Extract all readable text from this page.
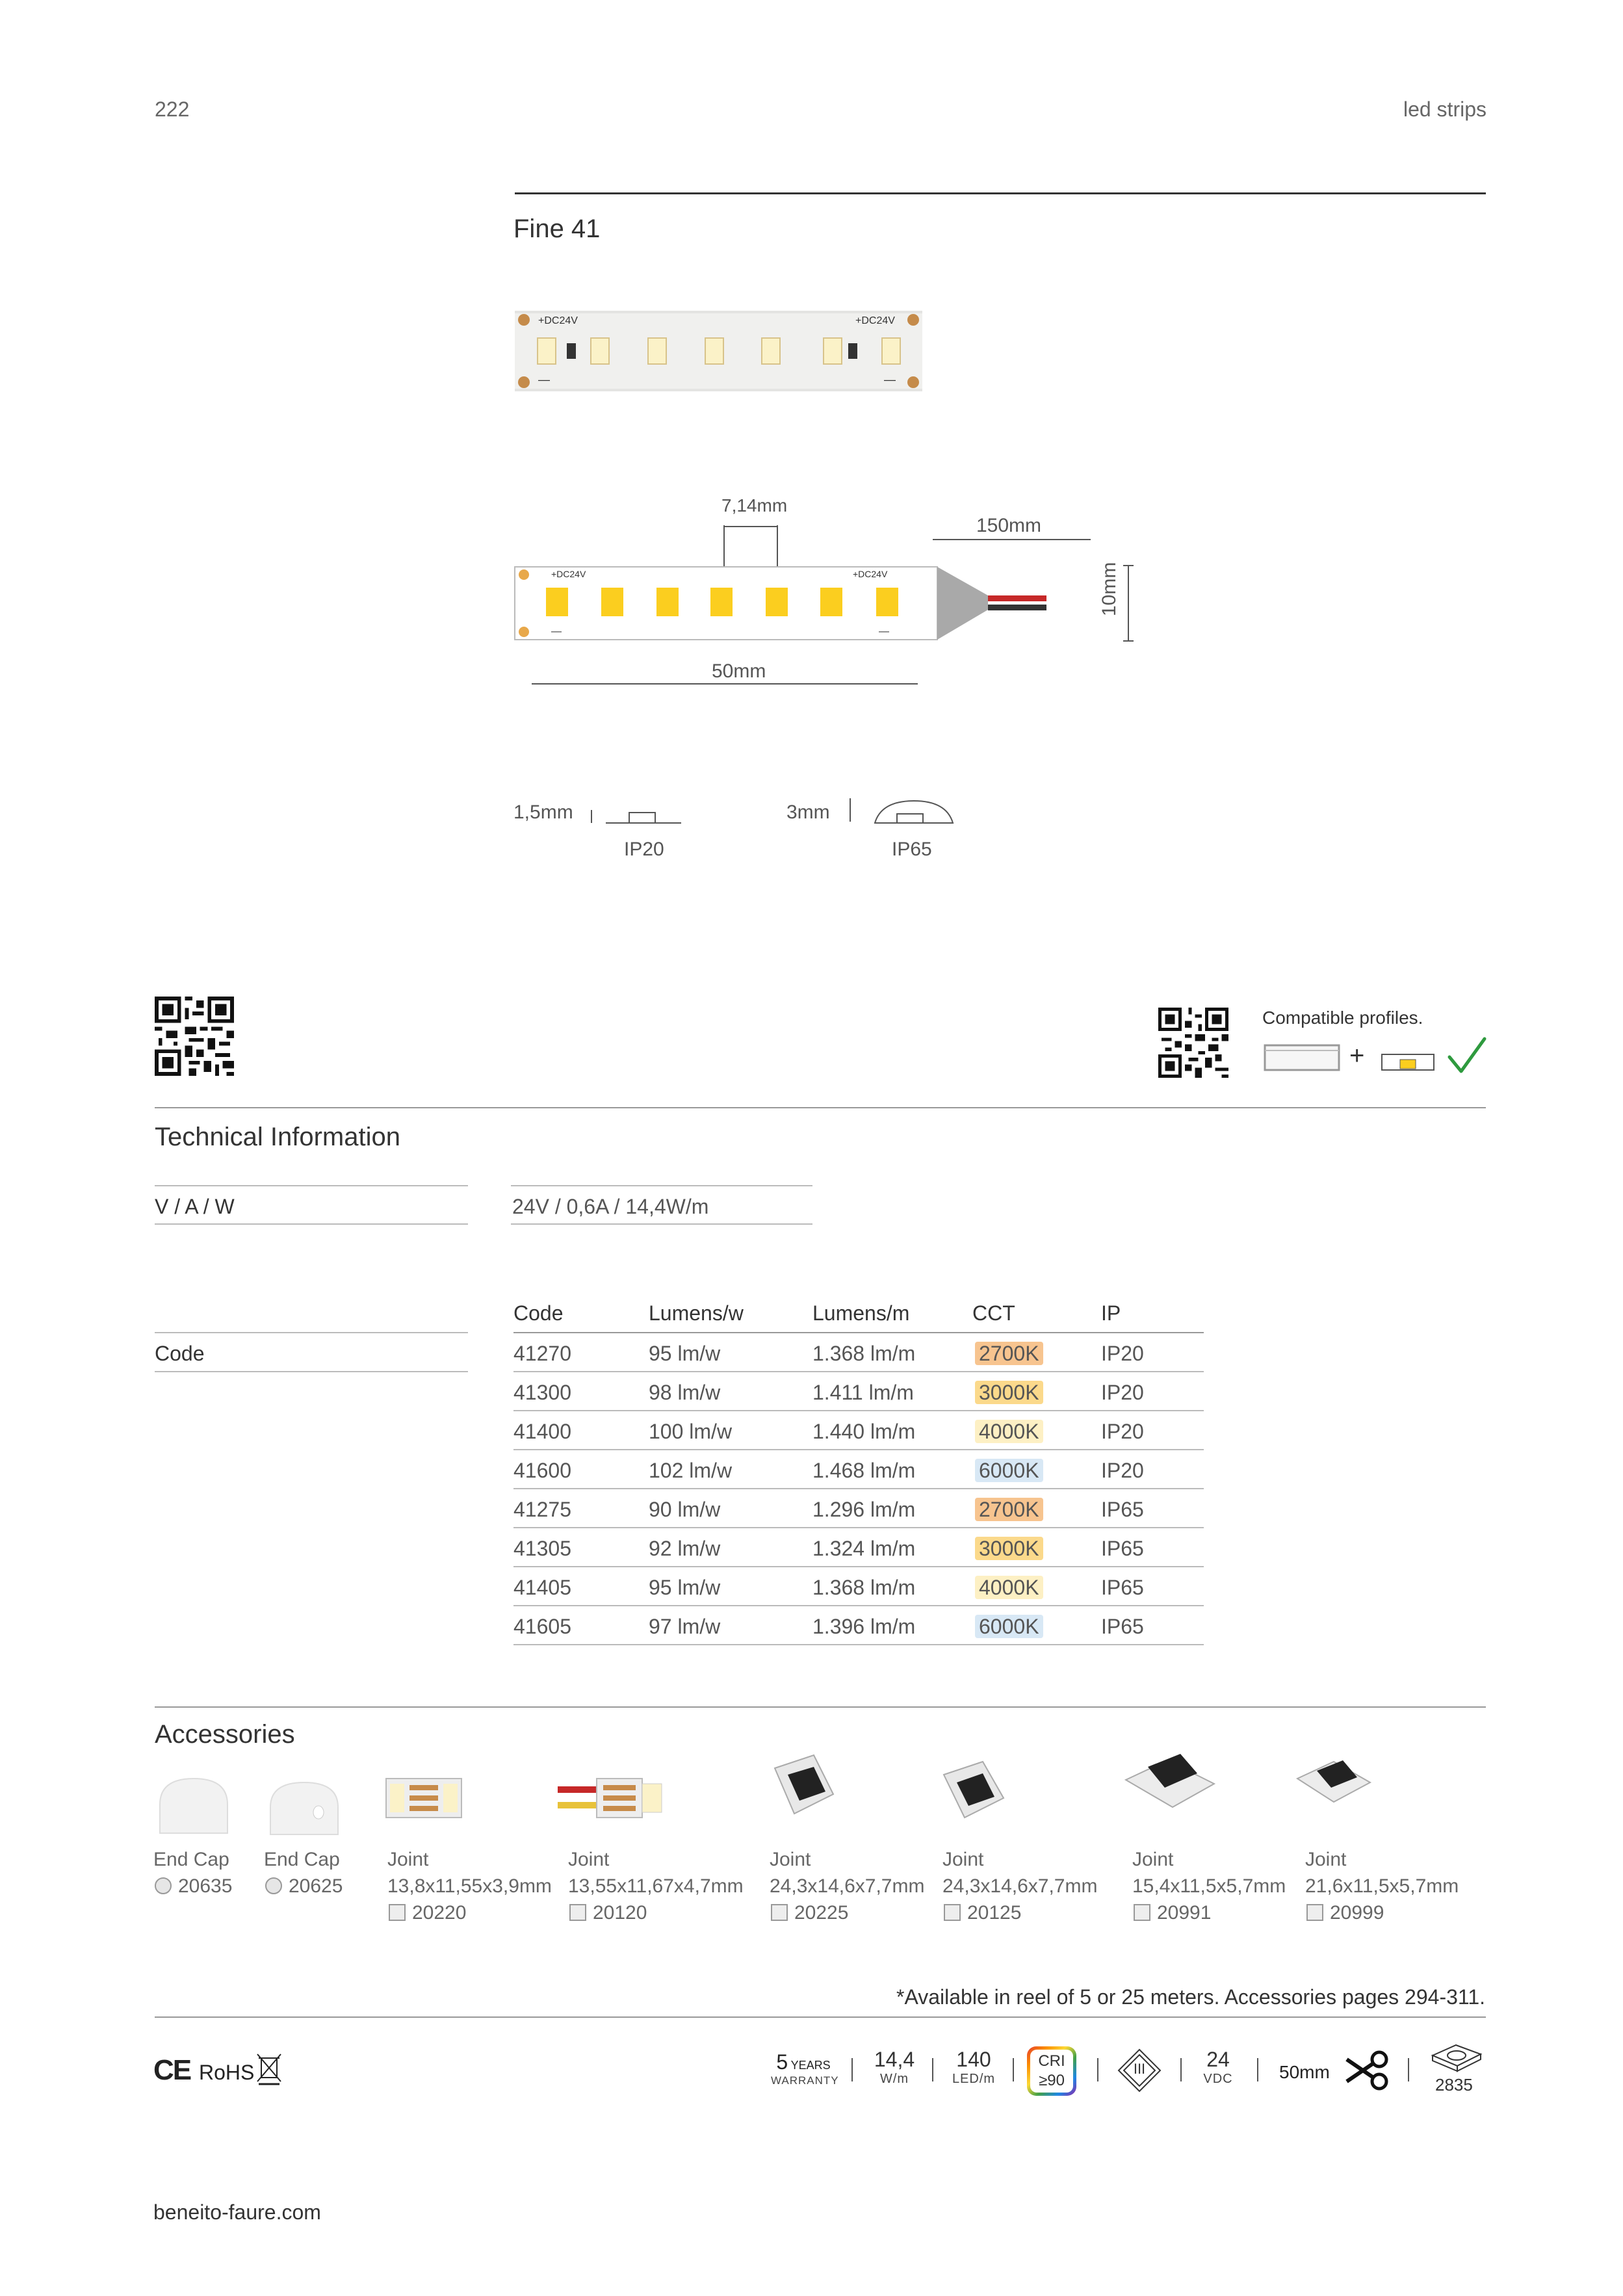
222	led strips
Fine 41
+DC24V	+DC24V
—	—
7,14mm
150mm
10mm
50mm
+DC24V	+DC24V
—	—
1,5mm
IP20
3mm
IP65
Compatible profiles.
+
Technical Information
V / A / W	24V / 0,6A / 14,4W/m
Code
Code	Lumens/w	Lumens/m	CCT	IP
41270	95 lm/w	1.368 lm/m	2700K	IP20
41300	98 lm/w	1.411 lm/m	3000K	IP20
41400	100 lm/w	1.440 lm/m	4000K	IP20
41600	102 lm/w	1.468 lm/m	6000K	IP20
41275	90 lm/w	1.296 lm/m	2700K	IP65
41305	92 lm/w	1.324 lm/m	3000K	IP65
41405	95 lm/w	1.368 lm/m	4000K	IP65
41605	97 lm/w	1.396 lm/m	6000K	IP65
Accessories
End Cap
20635
End Cap
20625
Joint
13,8x11,55x3,9mm
20220
Joint
13,55x11,67x4,7mm
20120
Joint
24,3x14,6x7,7mm
20225
Joint
24,3x14,6x7,7mm
20125
Joint
15,4x11,5x5,7mm
20991
Joint
21,6x11,5x5,7mm
20999
*Available in reel of 5 or 25 meters. Accessories pages 294-311.
CE RoHS	5 YEARS
WARRANTY
14,4
W/m
140
LED/m
CRI
≥90
III	24
VDC	50mm
2835
beneito-faure.com
